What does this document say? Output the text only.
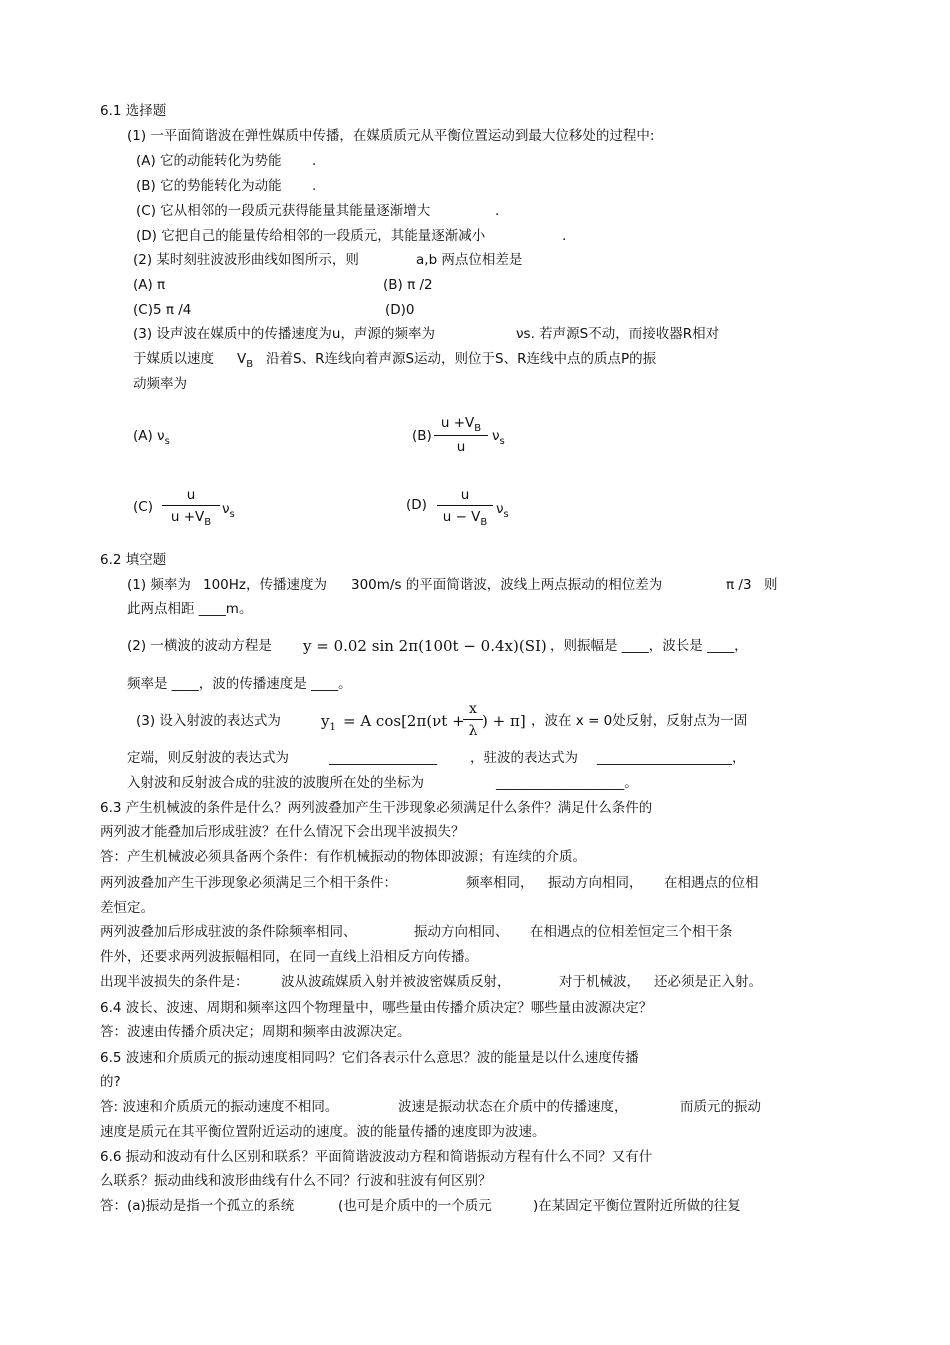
6.1 选择题
(1) 一平面简谐波在弹性媒质中传播，在媒质质元从平衡位置运动到最大位移处的过程中:
(A) 它的动能转化为势能 .
(B) 它的势能转化为动能 .
(C) 它从相邻的一段质元获得能量其能量逐渐增大	.
(D) 它把自己的能量传给相邻的一段质元，其能量逐渐减小	.
(2) 某时刻驻波波形曲线如图所示，则	a,b 两点位相差是
(A) π	(B) π /2
(C)5 π /4	(D)0
(3) 设声波在媒质中的传播速度为u，声源的频率为	νs. 若声源S不动，而接收器R相对
于媒质以速度 $V_B$ 沿着S、R连线向着声源S运动，则位于S、R连线中点的质点P的振
动频率为
(A) $\nu_s$	$(B) \frac{u +V_B}{u} \nu_s$
$(C) \frac{u}{u +V_B} \nu_s$
$(D) \frac{u}{u - V_B} \nu_s$
6.2 填空题
(1) 频率为 100Hz，传播速度为 300m/s 的平面简谐波，波线上两点振动的相位差为	π /3 则
此两点相距 ____m。
(2) 一横波的波动方程是 y = 0.02 sin 2π(100t − 0.4x)(SI) ，则振幅是 ____，波长是 ____，
频率是 ____，波的传播速度是 ____。
(3) 设入射波的表达式为	$y_1 = A$ cos[2π(νt +
$\frac{x}{\lambda}$ ) + π] ，波在 x = 0处反射，反射点为一固
定端，则反射波的表达式为	________________ ，驻波的表达式为 ____________________，
入射波和反射波合成的驻波的波腹所在处的坐标为	___________________。
6.3 产生机械波的条件是什么？两列波叠加产生干涉现象必须满足什么条件？满足什么条件的
两列波才能叠加后形成驻波？在什么情况下会出现半波损失？
答：产生机械波必须具备两个条件：有作机械振动的物体即波源；有连续的介质。
两列波叠加产生干涉现象必须满足三个相干条件：	频率相同， 振动方向相同， 在相遇点的位相
差恒定。
两列波叠加后形成驻波的条件除频率相同、	振动方向相同、 在相遇点的位相差恒定三个相干条
件外，还要求两列波振幅相同，在同一直线上沿相反方向传播。
出现半波损失的条件是： 波从波疏媒质入射并被波密媒质反射，	对于机械波， 还必须是正入射。
6.4 波长、波速、周期和频率这四个物理量中，哪些量由传播介质决定？哪些量由波源决定？
答：波速由传播介质决定；周期和频率由波源决定。
6.5 波速和介质质元的振动速度相同吗？它们各表示什么意思？波的能量是以什么速度传播
的?
答: 波速和介质质元的振动速度不相同。	波速是振动状态在介质中的传播速度，	而质元的振动
速度是质元在其平衡位置附近运动的速度。波的能量传播的速度即为波速。
6.6 振动和波动有什么区别和联系？平面简谐波波动方程和简谐振动方程有什么不同？又有什
么联系？振动曲线和波形曲线有什么不同？行波和驻波有何区别？
答：(a)振动是指一个孤立的系统	(也可是介质中的一个质元	)在某固定平衡位置附近所做的往复
